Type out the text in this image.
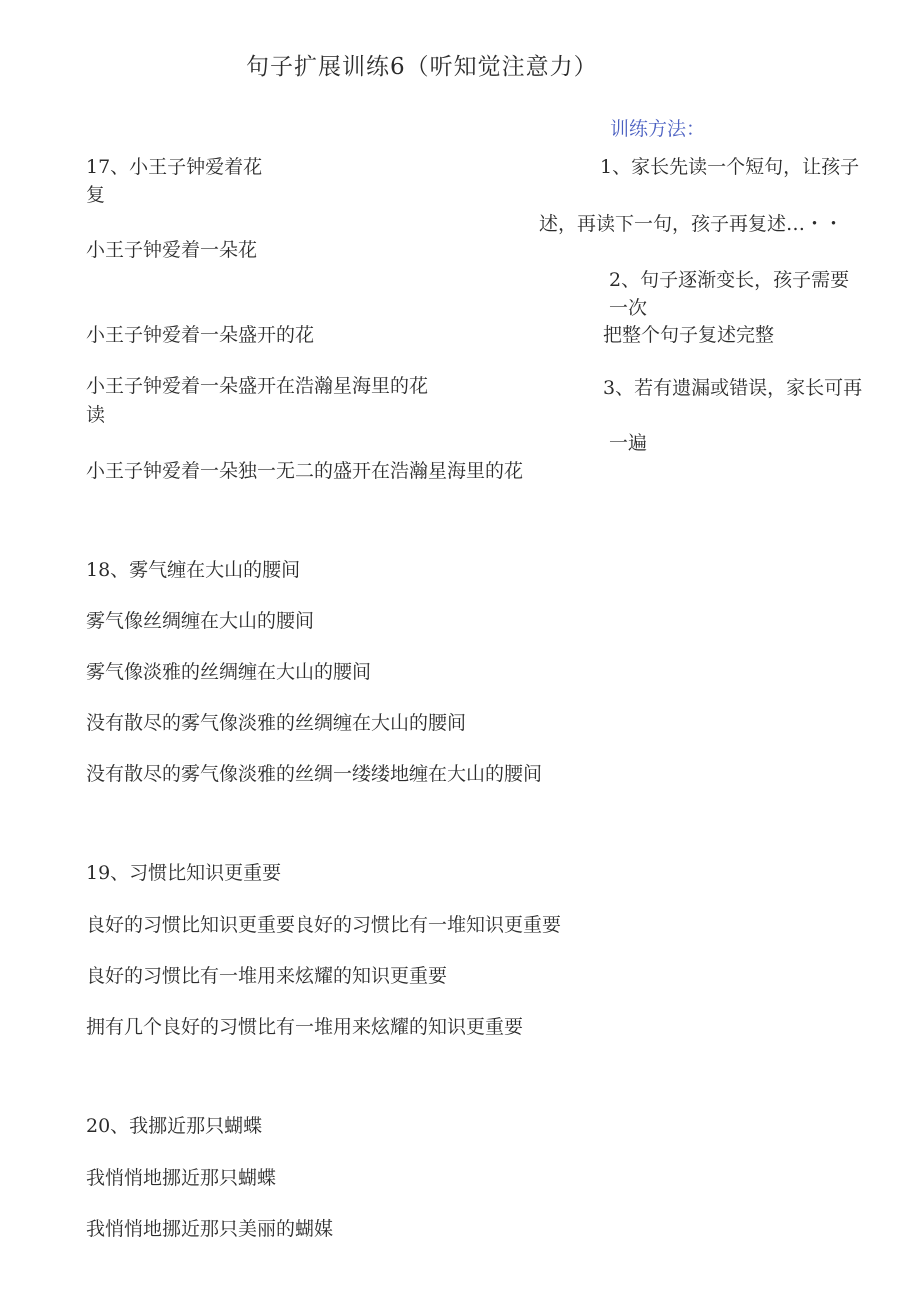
句子扩展训练6（听知觉注意力）
训练方法：
1、家长先读一个短句，让孩子
述，再读下一句，孩子再复述…・・
2、句子逐渐变长，孩子需要
一次
把整个句子复述完整
3、若有遗漏或错误，家长可再
一遍
17、小王子钟爱着花
复
小王子钟爱着一朵花
小王子钟爱着一朵盛开的花
小王子钟爱着一朵盛开在浩瀚星海里的花
读
小王子钟爱着一朵独一无二的盛开在浩瀚星海里的花
18、雾气缠在大山的腰间
雾气像丝绸缠在大山的腰间
雾气像淡雅的丝绸缠在大山的腰间
没有散尽的雾气像淡雅的丝绸缠在大山的腰间
没有散尽的雾气像淡雅的丝绸一缕缕地缠在大山的腰间
19、习惯比知识更重要
良好的习惯比知识更重要良好的习惯比有一堆知识更重要
良好的习惯比有一堆用来炫耀的知识更重要
拥有几个良好的习惯比有一堆用来炫耀的知识更重要
20、我挪近那只蝴蝶
我悄悄地挪近那只蝴蝶
我悄悄地挪近那只美丽的蝴媒
